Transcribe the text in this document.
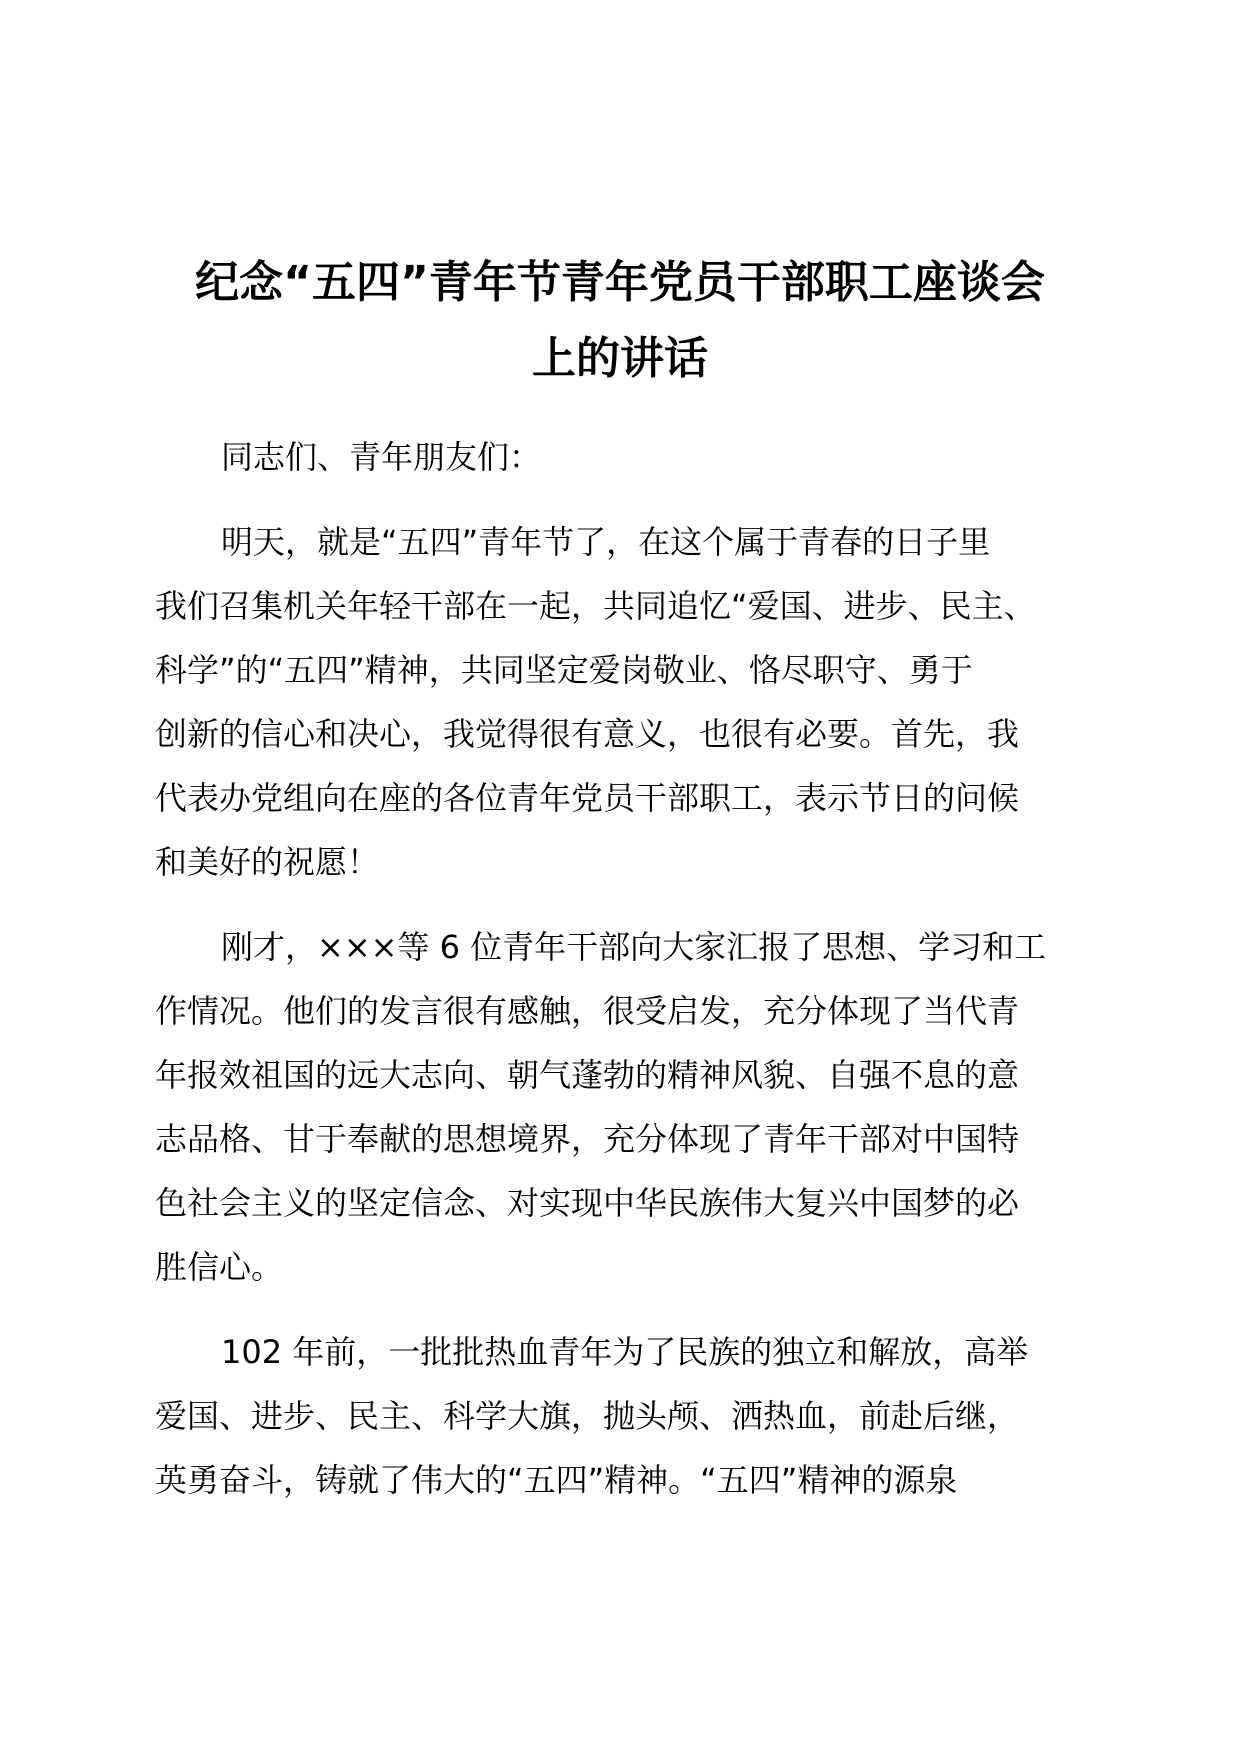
纪念“五四”青年节青年党员干部职工座谈会
上的讲话

同志们、青年朋友们：

明天，就是“五四”青年节了，在这个属于青春的日子里
我们召集机关年轻干部在一起，共同追忆“爱国、进步、民主、
科学”的“五四”精神，共同坚定爱岗敬业、恪尽职守、勇于
创新的信心和决心，我觉得很有意义，也很有必要。首先，我
代表办党组向在座的各位青年党员干部职工，表示节日的问候
和美好的祝愿！

刚才，×××等 6 位青年干部向大家汇报了思想、学习和工
作情况。他们的发言很有感触，很受启发，充分体现了当代青
年报效祖国的远大志向、朝气蓬勃的精神风貌、自强不息的意
志品格、甘于奉献的思想境界，充分体现了青年干部对中国特
色社会主义的坚定信念、对实现中华民族伟大复兴中国梦的必
胜信心。

102 年前，一批批热血青年为了民族的独立和解放，高举
爱国、进步、民主、科学大旗，抛头颅、洒热血，前赴后继，
英勇奋斗，铸就了伟大的“五四”精神。“五四”精神的源泉
